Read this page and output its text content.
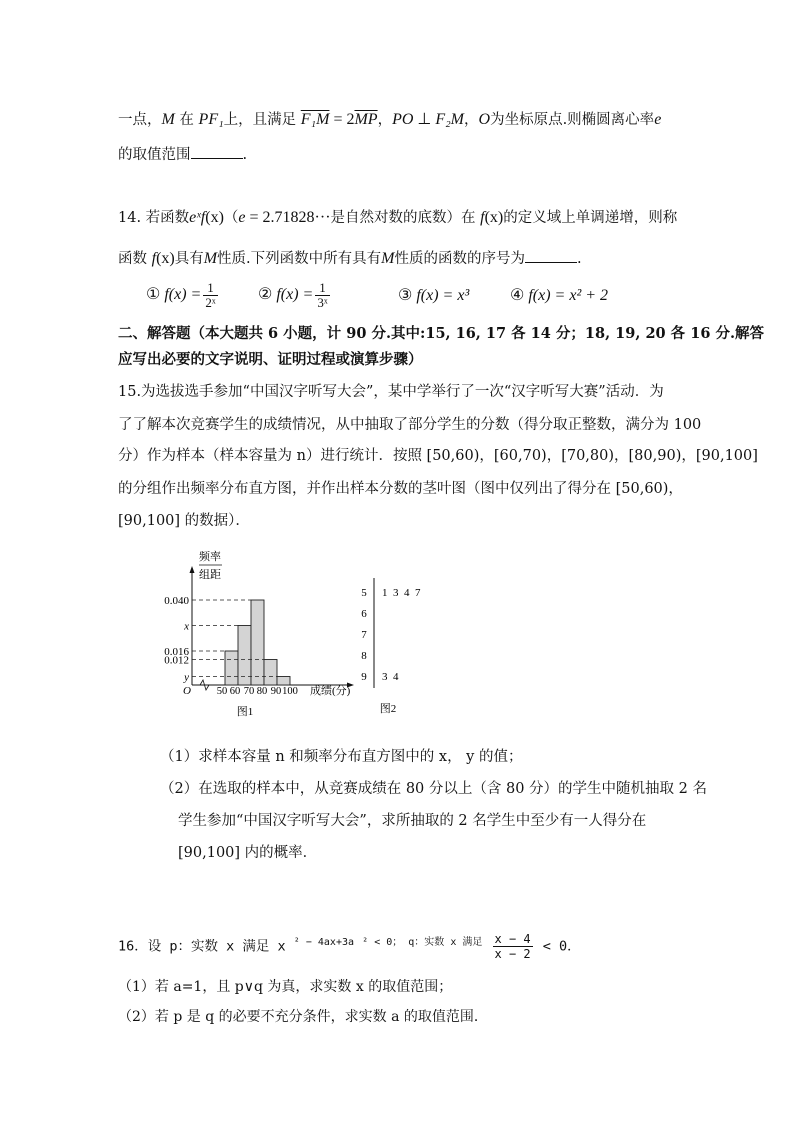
一点，M 在 PF₁上，且满足 $F_1M = 2\overline{MP}$，PO ⊥ F₂M，O为坐标原点.则椭圆离心率e
的取值范围	.
14. 若函数eˣf(x)（e = 2.71828···是自然对数的底数）在 f(x)的定义域上单调递增，则称
函数 f(x)具有M性质.下列函数中所有具有M性质的函数的序号为	.
① $f(x) = \frac{1}{\text{2ˣ}}$	② $f(x) = \frac{1}{\text{3ˣ}}$	③ f(x) = x³	④ f(x) = x² + 2
二、解答题（本大题共 6 小题，计 90 分.其中:15, 16, 17 各 14 分；18, 19, 20 各 16 分.解答
应写出必要的文字说明、证明过程或演算步骤）
15.为选拔选手参加“中国汉字听写大会”，某中学举行了一次“汉字听写大赛”活动．为
了了解本次竞赛学生的成绩情况，从中抽取了部分学生的分数（得分取正整数，满分为 100
分）作为样本（样本容量为 n）进行统计．按照 [50,60)，[60,70)，[70,80)，[80,90)，[90,100]
的分组作出频率分布直方图，并作出样本分数的茎叶图（图中仅列出了得分在 [50,60)，
[90,100] 的数据）．
频率
组距
O
0.040
x
0.016
0.012
y
50 60 70 80 90 100 成绩(分)
图1
5 1  3  4  7
6
7
8
9 3  4
图2
（1）求样本容量 n 和频率分布直方图中的 x， y 的值；
（2）在选取的样本中，从竞赛成绩在 80 分以上（含 80 分）的学生中随机抽取 2 名
学生参加“中国汉字听写大会”，求所抽取的 2 名学生中至少有一人得分在
[90,100] 内的概率．
16．设 p：实数 x 满足 x $^{^2 - 4ax+3a}$ $^{^2 < 0; q:实数 x 满足} \frac{x - 4}{x - 2} < 0$．
（1）若 a=1，且 p∨q 为真，求实数 x 的取值范围；
（2）若 p 是 q 的必要不充分条件，求实数 a 的取值范围．
